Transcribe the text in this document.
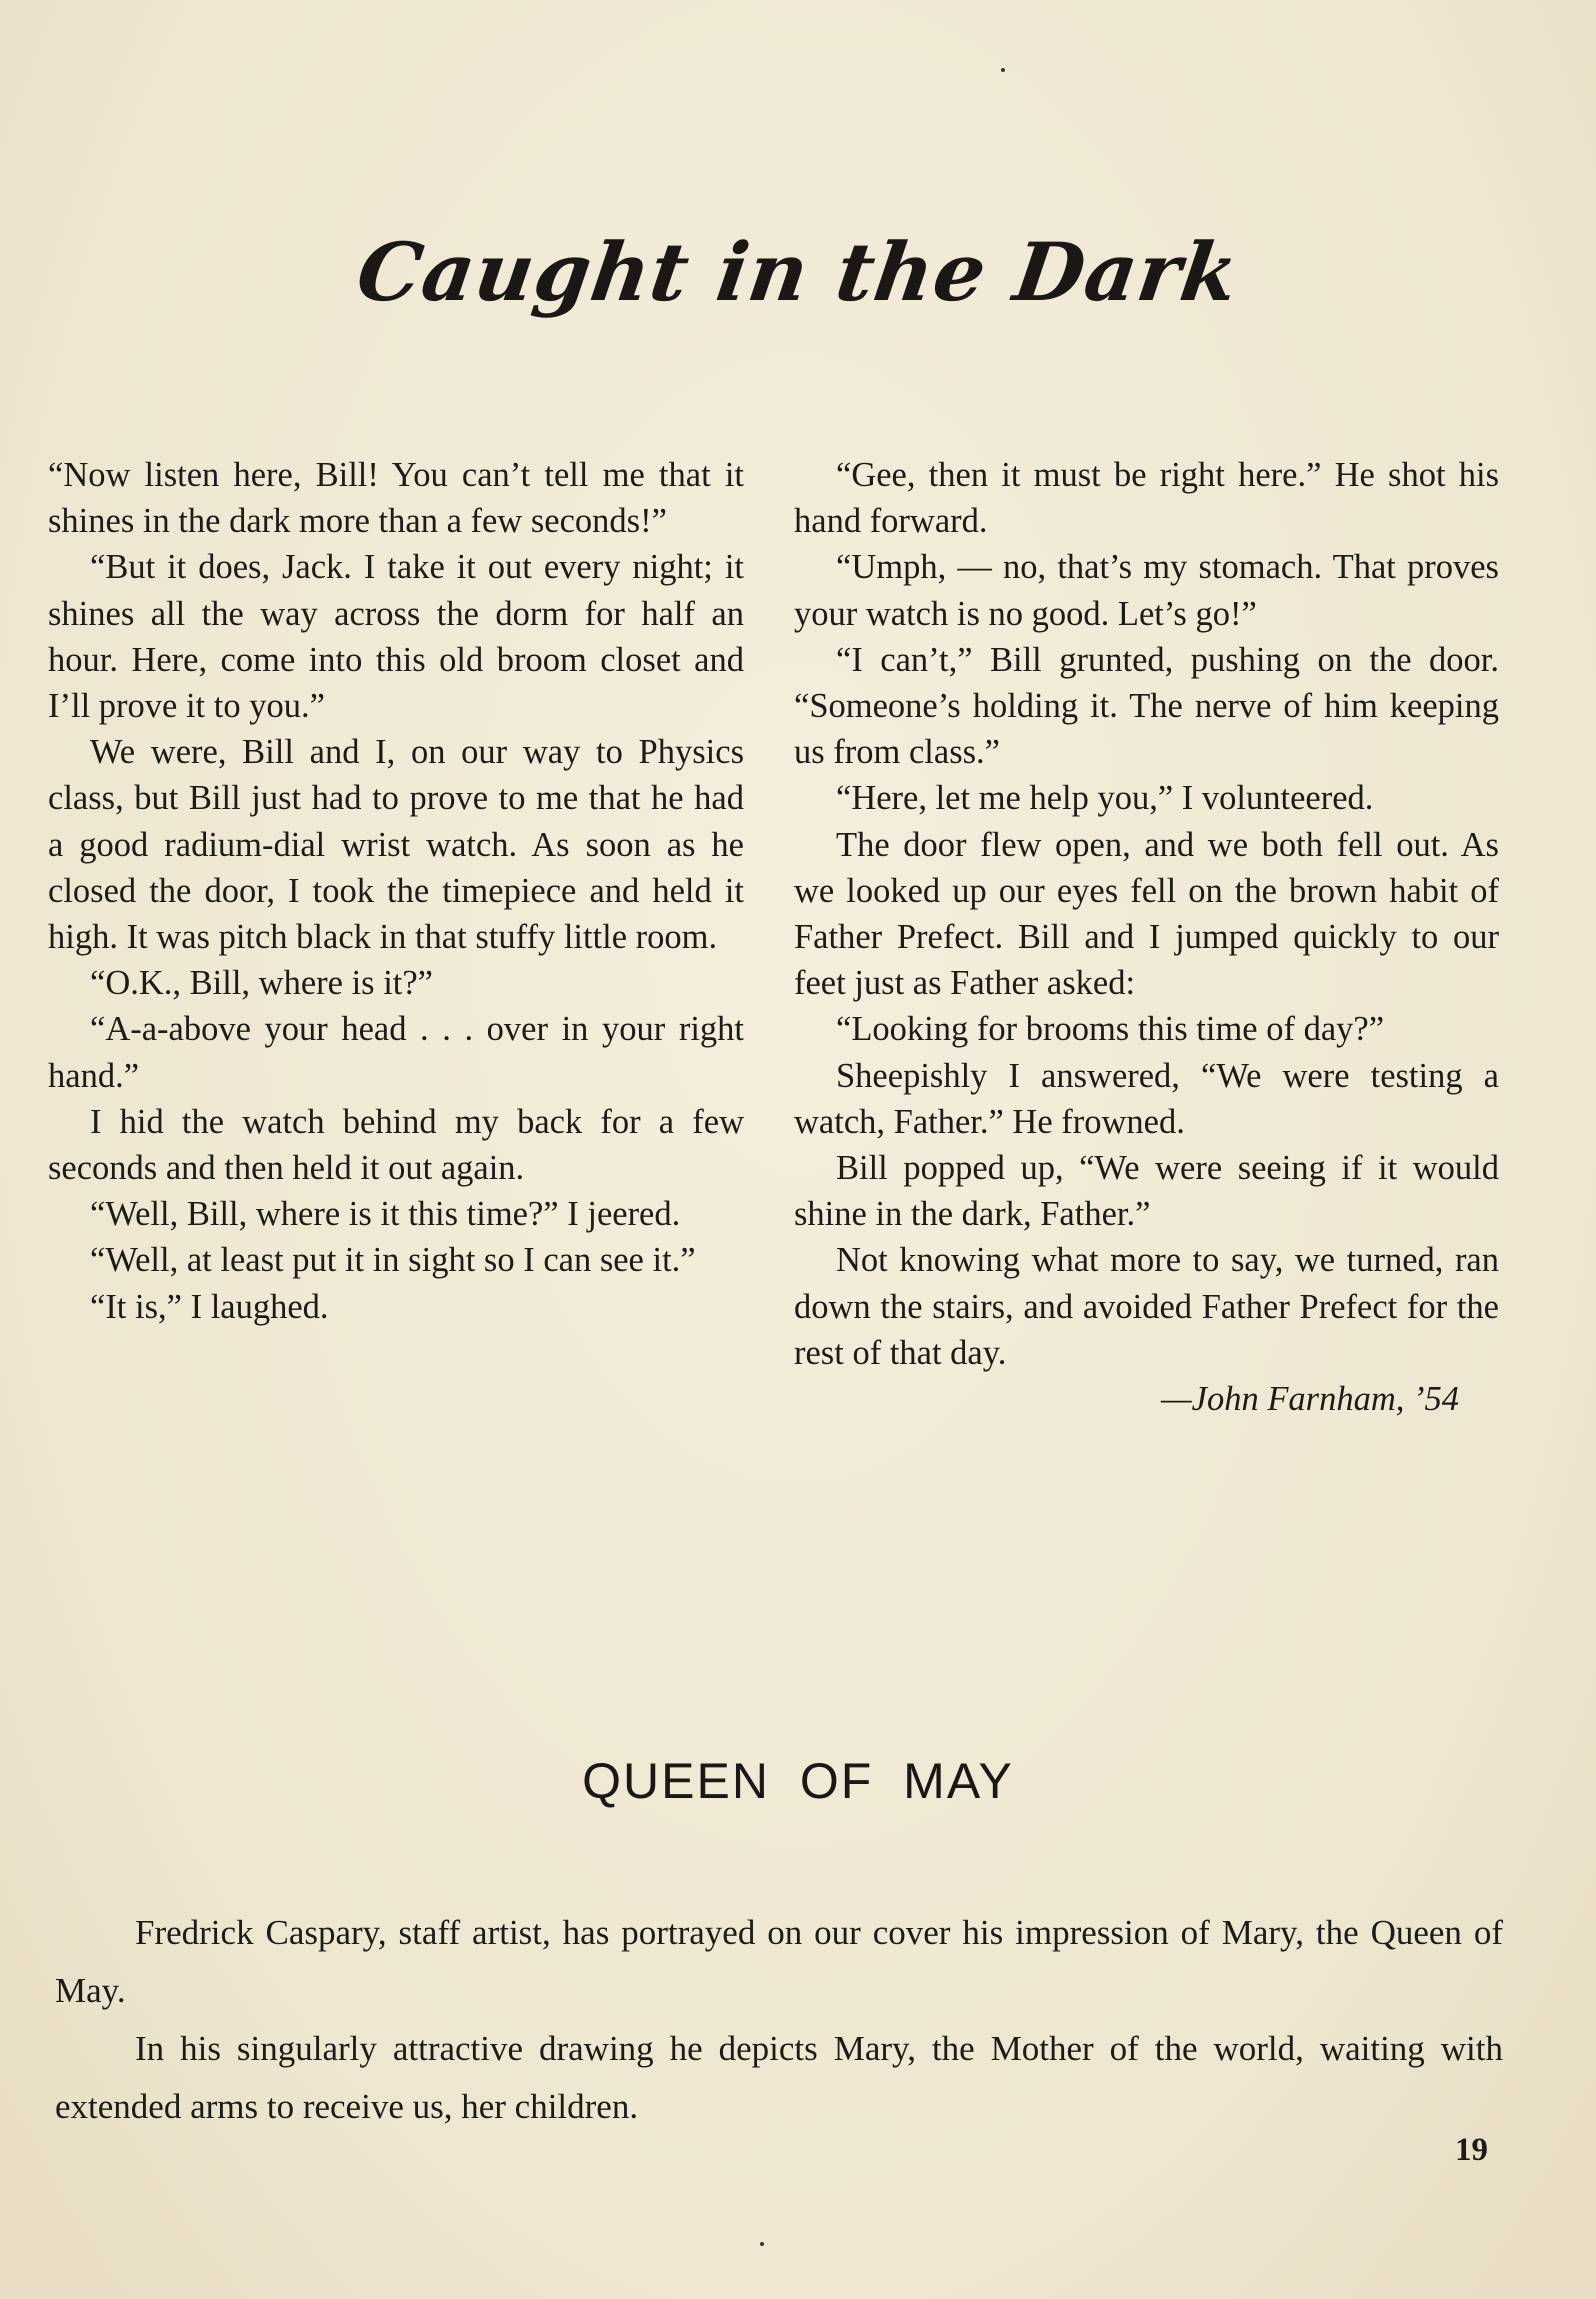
Caught in the Dark

“Now listen here, Bill! You can’t tell me that it shines in the dark more than a few seconds!”

“But it does, Jack. I take it out every night; it shines all the way across the dorm for half an hour. Here, come into this old broom closet and I’ll prove it to you.”

We were, Bill and I, on our way to Physics class, but Bill just had to prove to me that he had a good radium-dial wrist watch. As soon as he closed the door, I took the timepiece and held it high. It was pitch black in that stuffy little room.

“O.K., Bill, where is it?”

“A-a-above your head . . . over in your right hand.”

I hid the watch behind my back for a few seconds and then held it out again.

“Well, Bill, where is it this time?” I jeered.

“Well, at least put it in sight so I can see it.”

“It is,” I laughed.

“Gee, then it must be right here.” He shot his hand forward.

“Umph, — no, that’s my stomach. That proves your watch is no good. Let’s go!”

“I can’t,” Bill grunted, pushing on the door. “Someone’s holding it. The nerve of him keeping us from class.”

“Here, let me help you,” I volunteered.

The door flew open, and we both fell out. As we looked up our eyes fell on the brown habit of Father Prefect. Bill and I jumped quickly to our feet just as Father asked:

“Looking for brooms this time of day?”

Sheepishly I answered, “We were testing a watch, Father.” He frowned.

Bill popped up, “We were seeing if it would shine in the dark, Father.”

Not knowing what more to say, we turned, ran down the stairs, and avoided Father Prefect for the rest of that day.

—John Farnham, ’54

QUEEN OF MAY

Fredrick Caspary, staff artist, has portrayed on our cover his impression of Mary, the Queen of May.

In his singularly attractive drawing he depicts Mary, the Mother of the world, waiting with extended arms to receive us, her children.

19
